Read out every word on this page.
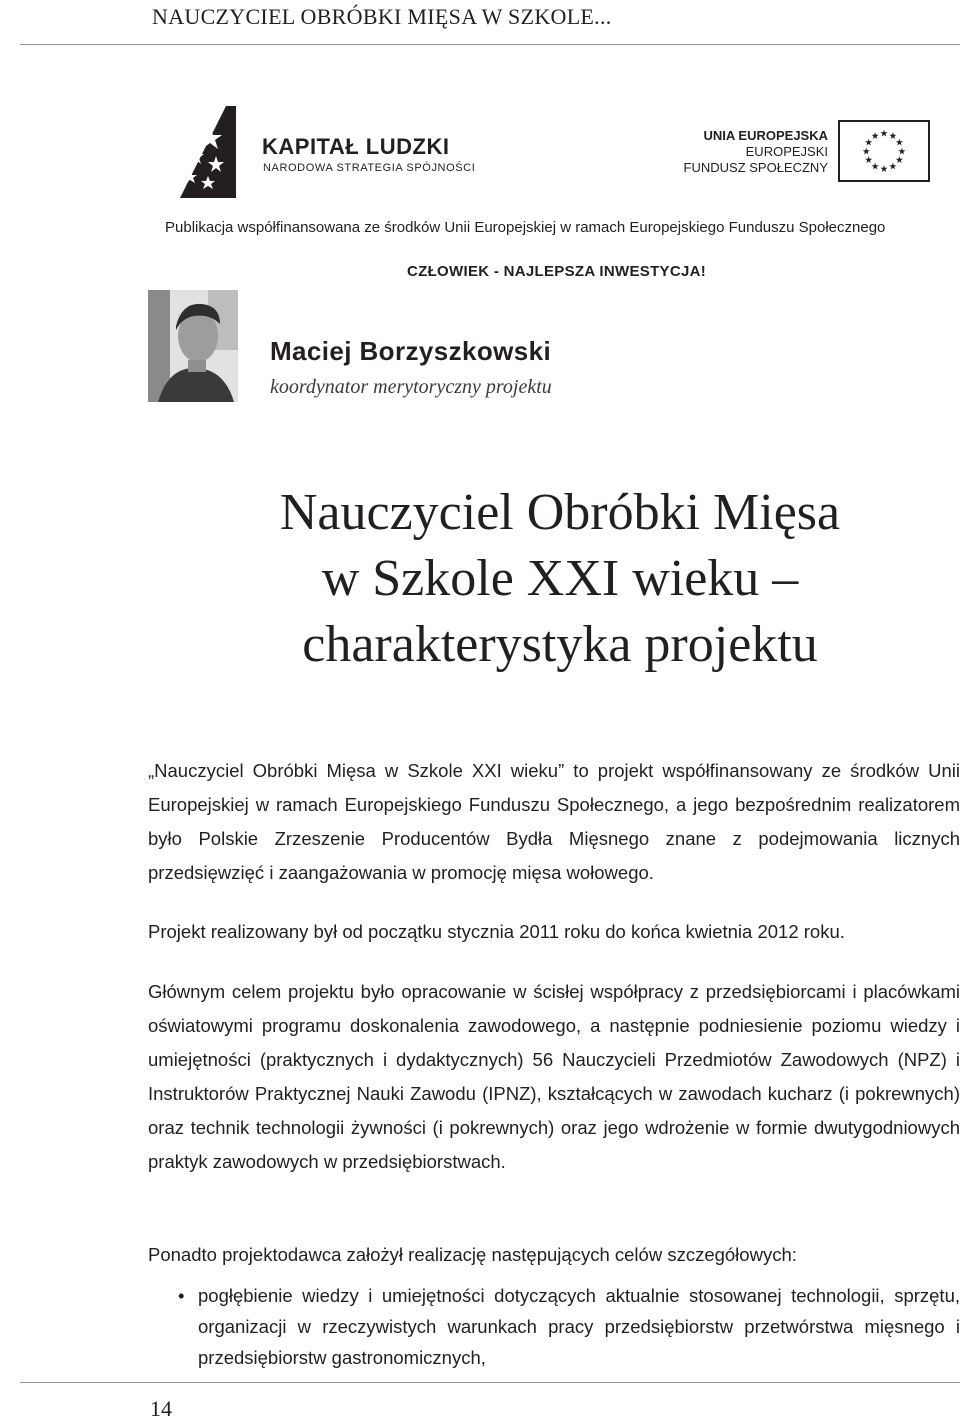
NAUCZYCIEL OBRÓBKI MIĘSA W SZKOLE...
KAPITAŁ LUDZKI
NARODOWA STRATEGIA SPÓJNOŚCI
UNIA EUROPEJSKA
EUROPEJSKI
FUNDUSZ SPOŁECZNY
★ ★
★
★
★
★
★
★
★
★
★
★
Publikacja współfinansowana ze środków Unii Europejskiej w ramach Europejskiego Funduszu Społecznego
CZŁOWIEK - NAJLEPSZA INWESTYCJA!
Maciej Borzyszkowski
koordynator merytoryczny projektu
Nauczyciel Obróbki Mięsa
w Szkole XXI wieku –
charakterystyka projektu
„Nauczyciel Obróbki Mięsa w Szkole XXI wieku” to projekt współfinansowany ze środków Unii Europejskiej w ramach Europejskiego Funduszu Społecznego, a jego bezpośrednim realizatorem było Polskie Zrzeszenie Producentów Bydła Mięsnego znane z podejmowania licznych przedsięwzięć i zaangażowania w promocję mięsa wołowego.
Projekt realizowany był od początku stycznia 2011 roku do końca kwietnia 2012 roku.
Głównym celem projektu było opracowanie w ścisłej współpracy z przedsiębiorcami i placówkami oświatowymi programu doskonalenia zawodowego, a następnie podniesienie poziomu wiedzy i umiejętności (praktycznych i dydaktycznych) 56 Nauczycieli Przedmiotów Zawodowych (NPZ) i Instruktorów Praktycznej Nauki Zawodu (IPNZ), kształcących w zawodach kucharz (i pokrewnych) oraz technik technologii żywności (i pokrewnych) oraz jego wdrożenie w formie dwutygodniowych praktyk zawodowych w przedsiębiorstwach.
Ponadto projektodawca założył realizację następujących celów szczegółowych:
• pogłębienie wiedzy i umiejętności dotyczących aktualnie stosowanej technologii, sprzętu, organizacji w rzeczywistych warunkach pracy przedsiębiorstw przetwórstwa mięsnego i przedsiębiorstw gastronomicznych,
14
